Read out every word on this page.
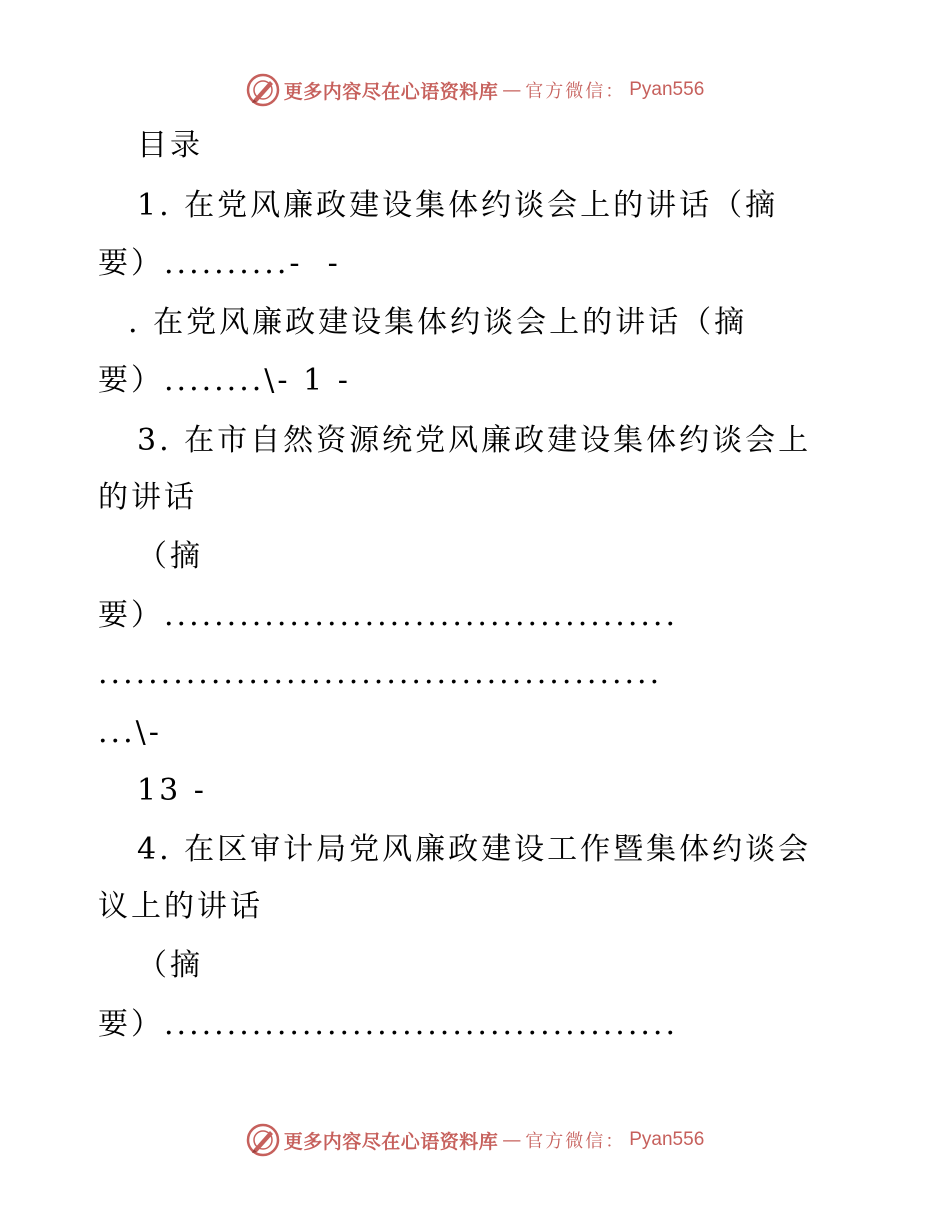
更多内容尽在心语资料库 — 官方微信： Pyan556
目录
1. 在党风廉政建设集体约谈会上的讲话（摘
要）..........-  -
. 在党风廉政建设集体约谈会上的讲话（摘
要）........\- 1 -
3. 在市自然资源统党风廉政建设集体约谈会上
的讲话
（摘
要）.........................................
.............................................
...\-
13 -
4. 在区审计局党风廉政建设工作暨集体约谈会
议上的讲话
（摘
要）.........................................
更多内容尽在心语资料库 — 官方微信： Pyan556
